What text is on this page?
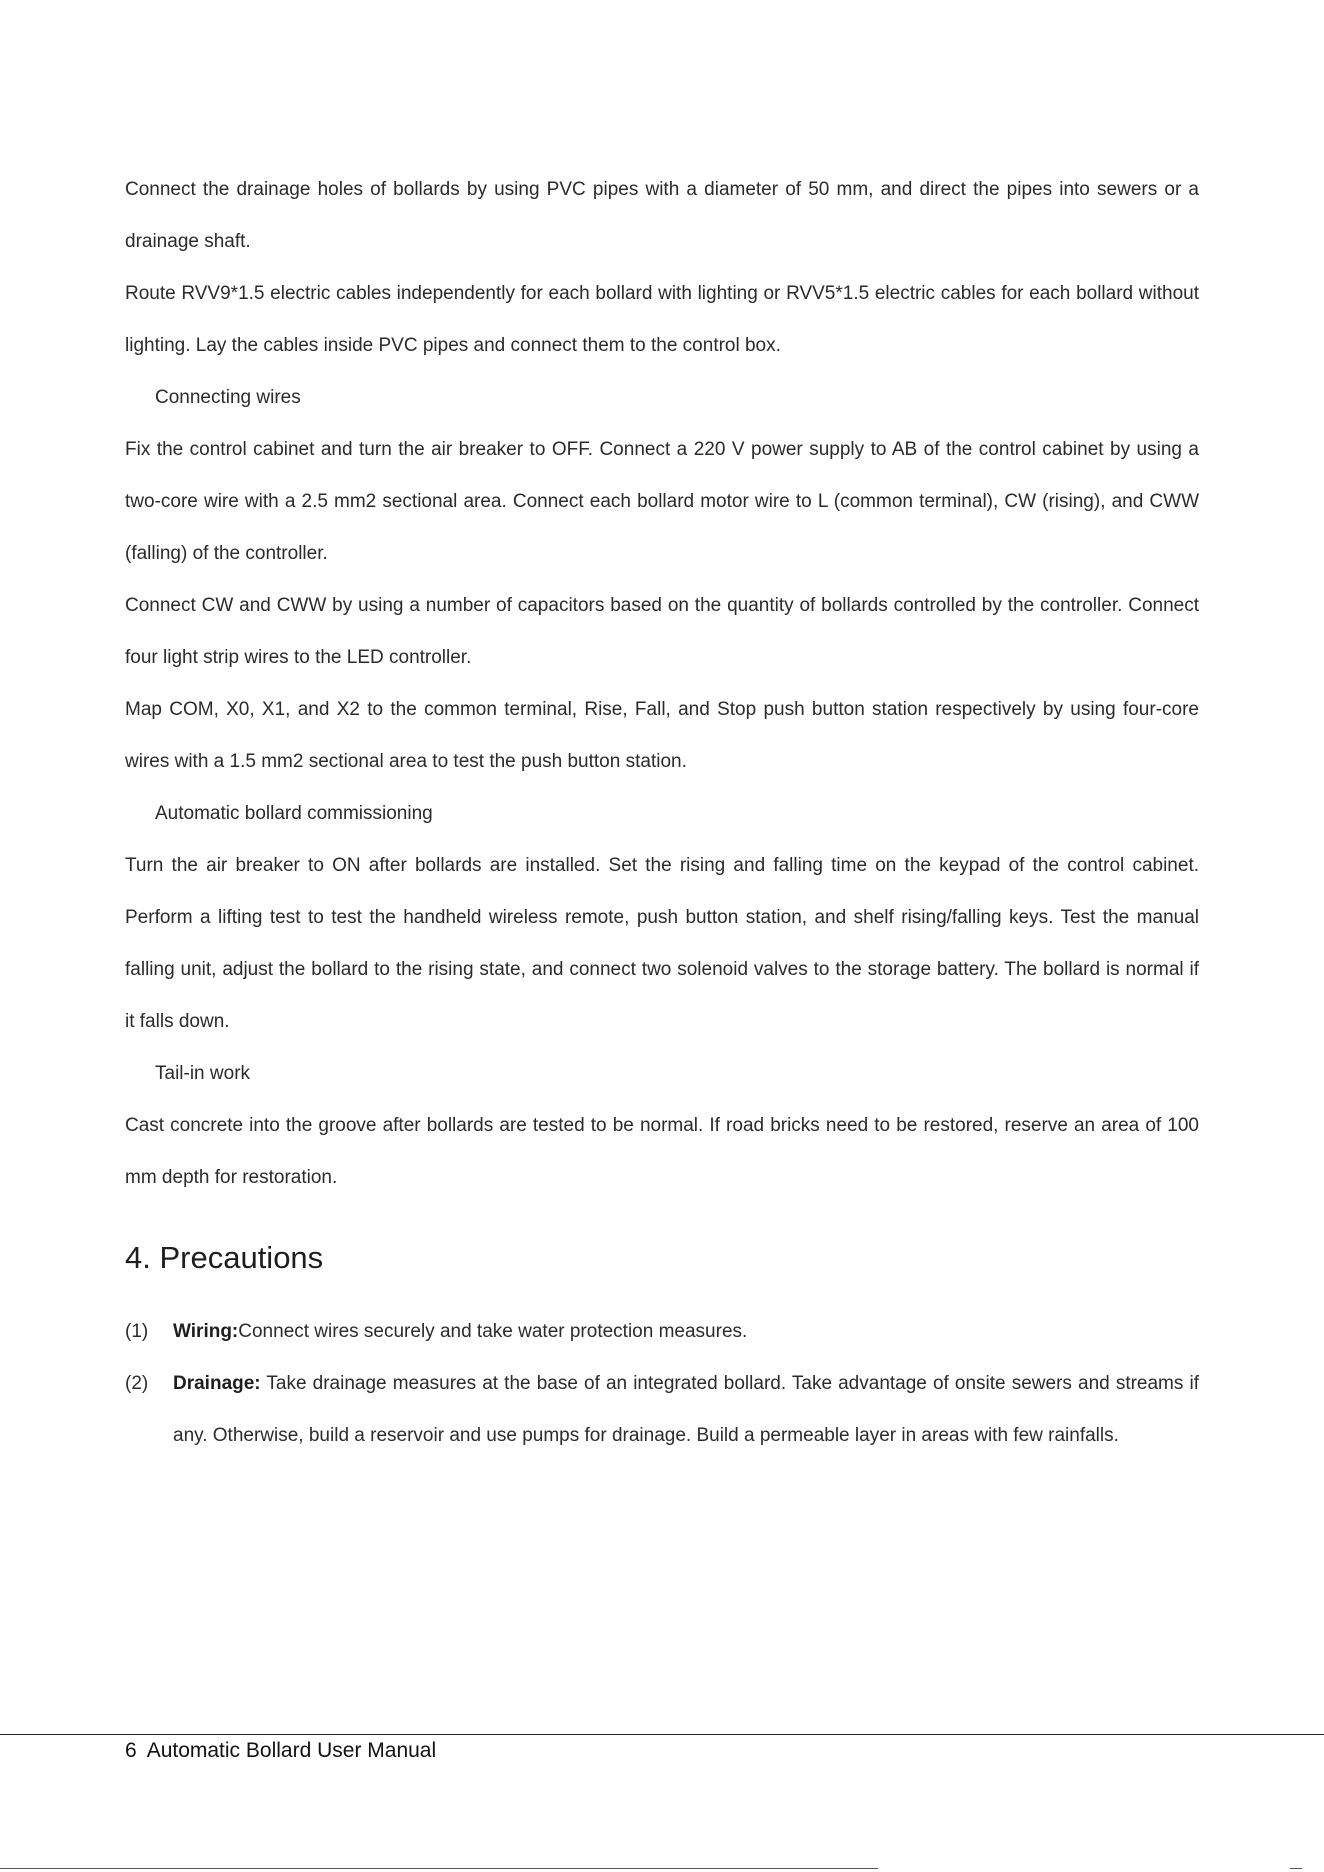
Connect the drainage holes of bollards by using PVC pipes with a diameter of 50 mm, and direct the pipes into sewers or a drainage shaft.

Route RVV9*1.5 electric cables independently for each bollard with lighting or RVV5*1.5 electric cables for each bollard without lighting. Lay the cables inside PVC pipes and connect them to the control box.

Connecting wires

Fix the control cabinet and turn the air breaker to OFF. Connect a 220 V power supply to AB of the control cabinet by using a two-core wire with a 2.5 mm2 sectional area. Connect each bollard motor wire to L (common terminal), CW (rising), and CWW (falling) of the controller.

Connect CW and CWW by using a number of capacitors based on the quantity of bollards controlled by the controller. Connect four light strip wires to the LED controller.

Map COM, X0, X1, and X2 to the common terminal, Rise, Fall, and Stop push button station respectively by using four-core wires with a 1.5 mm2 sectional area to test the push button station.

Automatic bollard commissioning

Turn the air breaker to ON after bollards are installed. Set the rising and falling time on the keypad of the control cabinet. Perform a lifting test to test the handheld wireless remote, push button station, and shelf rising/falling keys. Test the manual falling unit, adjust the bollard to the rising state, and connect two solenoid valves to the storage battery. The bollard is normal if it falls down.

Tail-in work

Cast concrete into the groove after bollards are tested to be normal. If road bricks need to be restored, reserve an area of 100 mm depth for restoration.

4. Precautions
(1)	Wiring:Connect wires securely and take water protection measures.
(2)	Drainage: Take drainage measures at the base of an integrated bollard. Take advantage of onsite sewers and streams if any. Otherwise, build a reservoir and use pumps for drainage. Build a permeable layer in areas with few rainfalls.
6 Automatic Bollard User Manual
